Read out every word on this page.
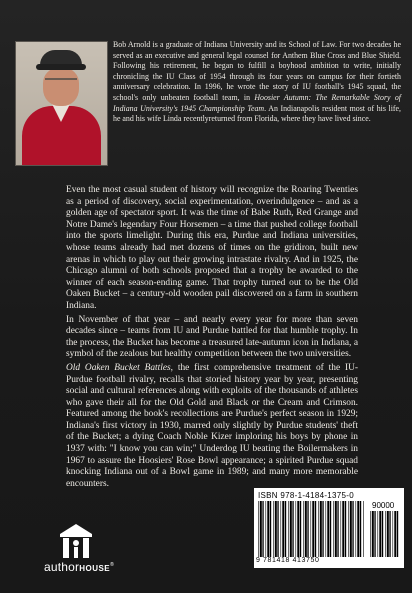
Bob Arnold is a graduate of Indiana University and its School of Law. For two decades he served as an executive and general legal counsel for Anthem Blue Cross and Blue Shield. Following his retirement, he began to fulfill a boyhood ambition to write, initially chronicling the IU Class of 1954 through its four years on campus for their fortieth anniversary celebration. In 1996, he wrote the story of IU football's 1945 squad, the school's only unbeaten football team, in Hoosier Autumn: The Remarkable Story of Indiana University's 1945 Championship Team. An Indianapolis resident most of his life, he and his wife Linda recentlyreturned from Florida, where they have lived since.

Even the most casual student of history will recognize the Roaring Twenties as a period of discovery, social experimentation, overindulgence – and as a golden age of spectator sport. It was the time of Babe Ruth, Red Grange and Notre Dame's legendary Four Horsemen – a time that pushed college football into the sports limelight. During this era, Purdue and Indiana universities, whose teams already had met dozens of times on the gridiron, built new arenas in which to play out their growing intrastate rivalry. And in 1925, the Chicago alumni of both schools proposed that a trophy be awarded to the winner of each season-ending game. That trophy turned out to be the Old Oaken Bucket – a century-old wooden pail discovered on a farm in southern Indiana.

In November of that year – and nearly every year for more than seven decades since – teams from IU and Purdue battled for that humble trophy. In the process, the Bucket has become a treasured late-autumn icon in Indiana, a symbol of the zealous but healthy competition between the two universities.

Old Oaken Bucket Battles, the first comprehensive treatment of the IU-Purdue football rivalry, recalls that storied history year by year, presenting social and cultural references along with exploits of the thousands of athletes who gave their all for the Old Gold and Black or the Cream and Crimson. Featured among the book's recollections are Purdue's perfect season in 1929; Indiana's first victory in 1930, marred only slightly by Purdue students' theft of the Bucket; a dying Coach Noble Kizer imploring his boys by phone in 1937 with: "I know you can win;" Underdog IU beating the Boilermakers in 1967 to assure the Hoosiers' Rose Bowl appearance; a spirited Purdue squad knocking Indiana out of a Bowl game in 1989; and many more memorable encounters.

authorHOUSE®
ISBN 978-1-4184-1375-0
90000
9 781418 413750
